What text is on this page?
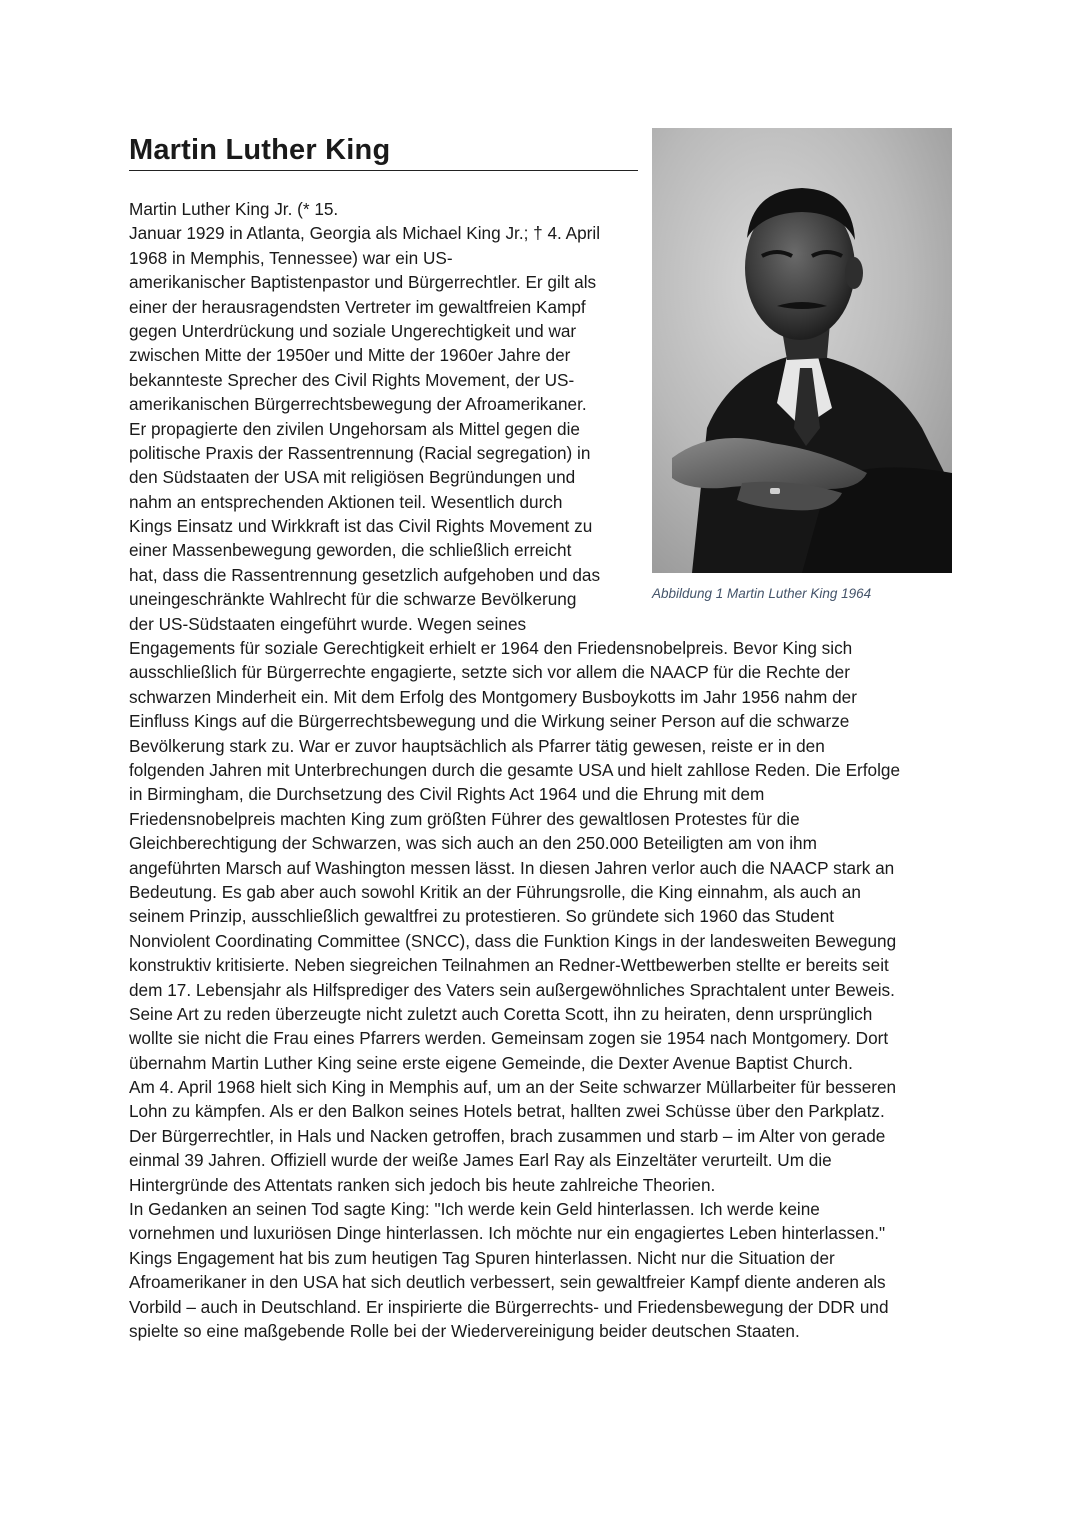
Martin Luther King
Abbildung 1 Martin Luther King 1964
Martin Luther King Jr. (* 15.
Januar 1929 in Atlanta, Georgia als Michael King Jr.; † 4. April
1968 in Memphis, Tennessee) war ein US-
amerikanischer Baptistenpastor und Bürgerrechtler. Er gilt als
einer der herausragendsten Vertreter im gewaltfreien Kampf
gegen Unterdrückung und soziale Ungerechtigkeit und war
zwischen Mitte der 1950er und Mitte der 1960er Jahre der
bekannteste Sprecher des Civil Rights Movement, der US-
amerikanischen Bürgerrechtsbewegung der Afroamerikaner.
Er propagierte den zivilen Ungehorsam als Mittel gegen die
politische Praxis der Rassentrennung (Racial segregation) in
den Südstaaten der USA mit religiösen Begründungen und
nahm an entsprechenden Aktionen teil. Wesentlich durch
Kings Einsatz und Wirkkraft ist das Civil Rights Movement zu
einer Massenbewegung geworden, die schließlich erreicht
hat, dass die Rassentrennung gesetzlich aufgehoben und das
uneingeschränkte Wahlrecht für die schwarze Bevölkerung
der US-Südstaaten eingeführt wurde. Wegen seines
Engagements für soziale Gerechtigkeit erhielt er 1964 den Friedensnobelpreis. Bevor King sich
ausschließlich für Bürgerrechte engagierte, setzte sich vor allem die NAACP für die Rechte der
schwarzen Minderheit ein. Mit dem Erfolg des Montgomery Busboykotts im Jahr 1956 nahm der
Einfluss Kings auf die Bürgerrechtsbewegung und die Wirkung seiner Person auf die schwarze
Bevölkerung stark zu. War er zuvor hauptsächlich als Pfarrer tätig gewesen, reiste er in den
folgenden Jahren mit Unterbrechungen durch die gesamte USA und hielt zahllose Reden. Die Erfolge
in Birmingham, die Durchsetzung des Civil Rights Act 1964 und die Ehrung mit dem
Friedensnobelpreis machten King zum größten Führer des gewaltlosen Protestes für die
Gleichberechtigung der Schwarzen, was sich auch an den 250.000 Beteiligten am von ihm
angeführten Marsch auf Washington messen lässt. In diesen Jahren verlor auch die NAACP stark an
Bedeutung. Es gab aber auch sowohl Kritik an der Führungsrolle, die King einnahm, als auch an
seinem Prinzip, ausschließlich gewaltfrei zu protestieren. So gründete sich 1960 das Student
Nonviolent Coordinating Committee (SNCC), dass die Funktion Kings in der landesweiten Bewegung
konstruktiv kritisierte. Neben siegreichen Teilnahmen an Redner-Wettbewerben stellte er bereits seit
dem 17. Lebensjahr als Hilfsprediger des Vaters sein außergewöhnliches Sprachtalent unter Beweis.
Seine Art zu reden überzeugte nicht zuletzt auch Coretta Scott, ihn zu heiraten, denn ursprünglich
wollte sie nicht die Frau eines Pfarrers werden. Gemeinsam zogen sie 1954 nach Montgomery. Dort
übernahm Martin Luther King seine erste eigene Gemeinde, die Dexter Avenue Baptist Church.
Am 4. April 1968 hielt sich King in Memphis auf, um an der Seite schwarzer Müllarbeiter für besseren
Lohn zu kämpfen. Als er den Balkon seines Hotels betrat, hallten zwei Schüsse über den Parkplatz.
Der Bürgerrechtler, in Hals und Nacken getroffen, brach zusammen und starb – im Alter von gerade
einmal 39 Jahren. Offiziell wurde der weiße James Earl Ray als Einzeltäter verurteilt. Um die
Hintergründe des Attentats ranken sich jedoch bis heute zahlreiche Theorien.
In Gedanken an seinen Tod sagte King: "Ich werde kein Geld hinterlassen. Ich werde keine
vornehmen und luxuriösen Dinge hinterlassen. Ich möchte nur ein engagiertes Leben hinterlassen."
Kings Engagement hat bis zum heutigen Tag Spuren hinterlassen. Nicht nur die Situation der
Afroamerikaner in den USA hat sich deutlich verbessert, sein gewaltfreier Kampf diente anderen als
Vorbild – auch in Deutschland. Er inspirierte die Bürgerrechts- und Friedensbewegung der DDR und
spielte so eine maßgebende Rolle bei der Wiedervereinigung beider deutschen Staaten.
